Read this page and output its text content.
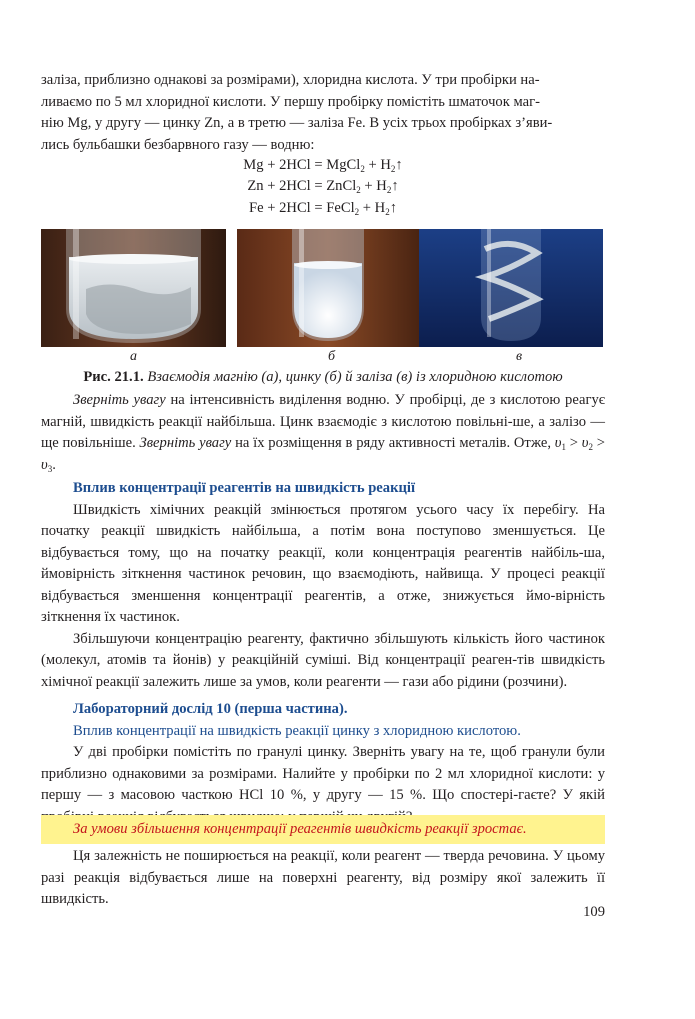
заліза, приблизно однакові за розмірами), хлоридна кислота. У три пробірки на-
ливаємо по 5 мл хлоридної кислоти. У першу пробірку помістіть шматочок маг-
нію Mg, у другу — цинку Zn, а в третю — заліза Fe. В усіх трьох пробірках з’яви-
лись бульбашки безбарвного газу — водню:

Mg + 2HCl = MgCl$_2$ + $H_2↑$
Zn + 2HCl = ZnCl$_2$ + $H_2↑$
Fe + 2HCl = FeCl$_2$ + $H_2↑$
а	б	в
Рис. 21.1. Взаємодія магнію (а), цинку (б) й заліза (в) із хлоридною кислотою

Зверніть увагу на інтенсивність виділення водню. У пробірці, де з кислотою реагує магній, швидкість реакції найбільша. Цинк взаємодіє з кислотою повільні-ше, а залізо — ще повільніше. Зверніть увагу на їх розміщення в ряду активності металів. Отже, $\upsilon_1 > \upsilon_2 > \upsilon_3$.

Вплив концентрації реагентів на швидкість реакції

Швидкість хімічних реакцій змінюється протягом усього часу їх перебігу. На початку реакції швидкість найбільша, а потім вона поступово зменшується. Це відбувається тому, що на початку реакції, коли концентрація реагентів найбіль-ша, ймовірність зіткнення частинок речовин, що взаємодіють, найвища. У процесі реакції відбувається зменшення концентрації реагентів, а отже, знижується ймо-вірність зіткнення їх частинок.

Збільшуючи концентрацію реагенту, фактично збільшують кількість його частинок (молекул, атомів та йонів) у реакційній суміші. Від концентрації реаген-тів швидкість хімічної реакції залежить лише за умов, коли реагенти — гази або рідини (розчини).

Лабораторний дослід 10 (перша частина).

Вплив концентрації на швидкість реакції цинку з хлоридною кислотою.

У дві пробірки помістіть по гранулі цинку. Зверніть увагу на те, щоб гранули були приблизно однаковими за розмірами. Налийте у пробірки по 2 мл хлоридної кислоти: у першу — з масовою часткою HCl 10 %, у другу — 15 %. Що спостері-гаєте? У якій

За умови збільшення концентрації реагентів швидкість реакції зростає.

Ця залежність не поширюється на реакції, коли реагент — тверда речовина. У цьому разі реакція відбувається лише на поверхні реагенту, від розміру якої залежить її швидкість.

109
